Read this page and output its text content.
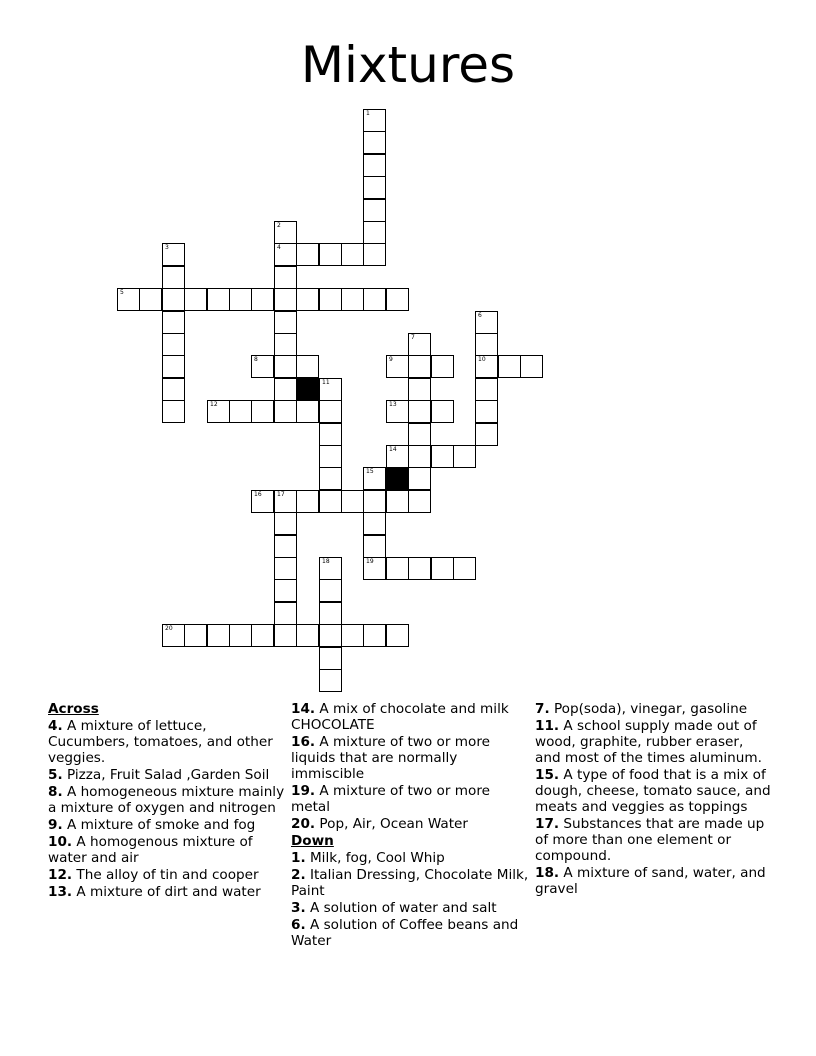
Mixtures
1
2
4
3
5
6
10
7
8	9
11
12	13
14
15
16	17
19
18
20

Across

4. A mixture of lettuce, Cucumbers, tomatoes, and other veggies.

5. Pizza, Fruit Salad ,Garden Soil

8. A homogeneous mixture mainly a mixture of oxygen and nitrogen

9. A mixture of smoke and fog

10. A homogenous mixture of water and air

12. The alloy of tin and cooper

13. A mixture of dirt and water

14. A mix of chocolate and milk CHOCOLATE

16. A mixture of two or more liquids that are normally immiscible

19. A mixture of two or more metal

20. Pop, Air, Ocean Water

Down

1. Milk, fog, Cool Whip

2. Italian Dressing, Chocolate Milk, Paint

3. A solution of water and salt

6. A solution of Coffee beans and Water

7. Pop(soda), vinegar, gasoline

11. A school supply made out of wood, graphite, rubber eraser, and most of the times aluminum.

15. A type of food that is a mix of dough, cheese, tomato sauce, and meats and veggies as toppings

17. Substances that are made up of more than one element or compound.

18. A mixture of sand, water, and gravel
